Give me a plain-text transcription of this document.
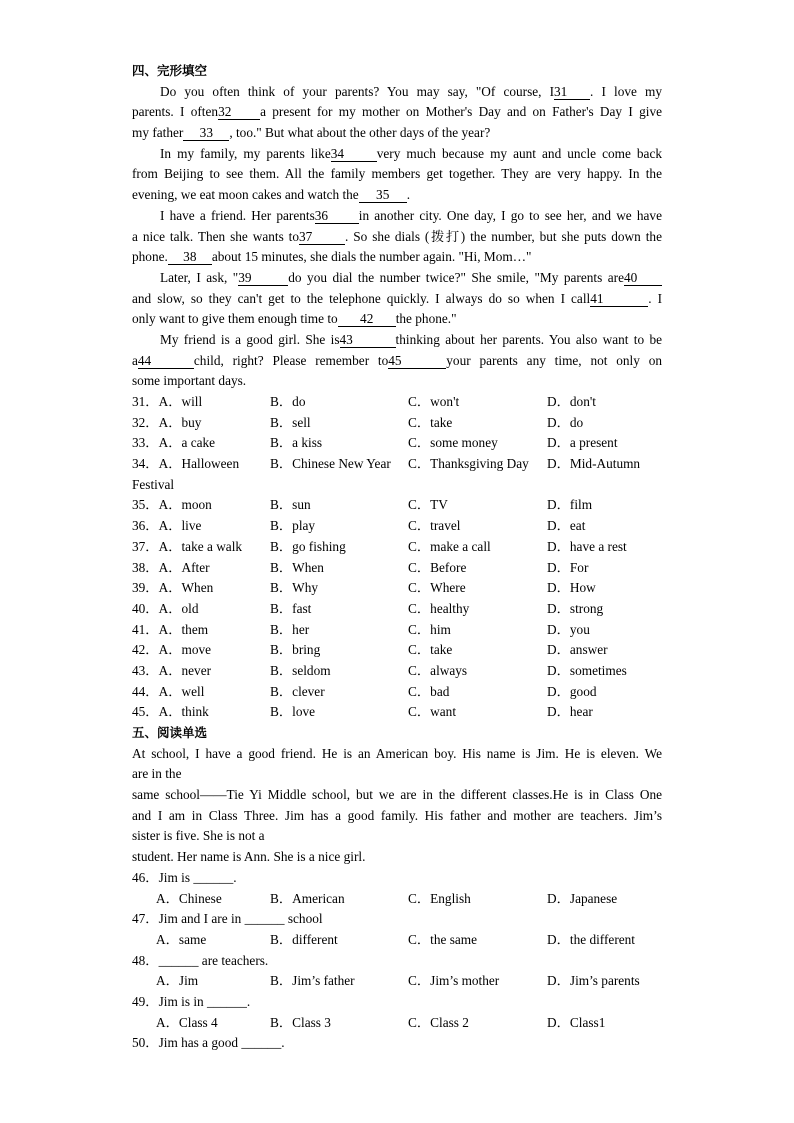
四、完形填空
Do you often think of your parents? You may say, "Of course, I31 . I love my
parents. I often32 a present for my mother on Mother's Day and on Father's Day I give
my father 33 , too." But what about the other days of the year?
In my family, my parents like34 very much because my aunt and uncle come back
from Beijing to see them. All the family members get together. They are very happy. In the
evening, we eat moon cakes and watch the 35 .
I have a friend. Her parents36 in another city. One day, I go to see her, and we have
a nice talk. Then she wants to37 . So she dials (拨打) the number, but she puts down the
phone. 38 about 15 minutes, she dials the number again. "Hi, Mom…"
Later, I ask, "39	do you dial the number twice?" She smile, "My parents are40
and slow, so they can't get to the telephone quickly. I always do so when I call41	. I
only want to give them enough time to 42 the phone."
My friend is a good girl. She is43	thinking about her parents. You also want to be
a44	child, right? Please remember to45	your parents any time, not only on
some important days.
31．A．will	B．do	C．won't	D．don't
32．A．buy	B．sell	C．take	D．do
33．A．a cake	B．a kiss	C．some money	D．a present
34．A．Halloween B．Chinese New Year C．Thanksgiving Day D．Mid-Autumn
Festival
35．A．moon	B．sun	C．TV	D．film
36．A．live	B．play	C．travel	D．eat
37．A．take a walk B．go fishing	C．make a call	D．have a rest
38．A．After	B．When	C．Before	D．For
39．A．When	B．Why	C．Where	D．How
40．A．old	B．fast	C．healthy	D．strong
41．A．them	B．her	C．him	D．you
42．A．move	B．bring	C．take	D．answer
43．A．never	B．seldom	C．always	D．sometimes
44．A．well	B．clever	C．bad	D．good
45．A．think	B．love	C．want	D．hear
五、阅读单选
At school, I have a good friend. He is an American boy. His name is Jim. He is eleven. We
are in the
same school——Tie Yi Middle school, but we are in the different classes.He is in Class One
and I am in Class Three. Jim has a good family. His father and mother are teachers. Jim’s
sister is five. She is not a
student. Her name is Ann. She is a nice girl.
46．Jim is ______.
A．Chinese	B．American	C．English	D．Japanese
47．Jim and I are in ______ school
A．same	B．different	C．the same	D．the different
48．______ are teachers.
A．Jim	B．Jim’s father	C．Jim’s mother	D．Jim’s parents
49．Jim is in ______.
A．Class 4	B．Class 3	C．Class 2	D．Class1
50．Jim has a good ______.
